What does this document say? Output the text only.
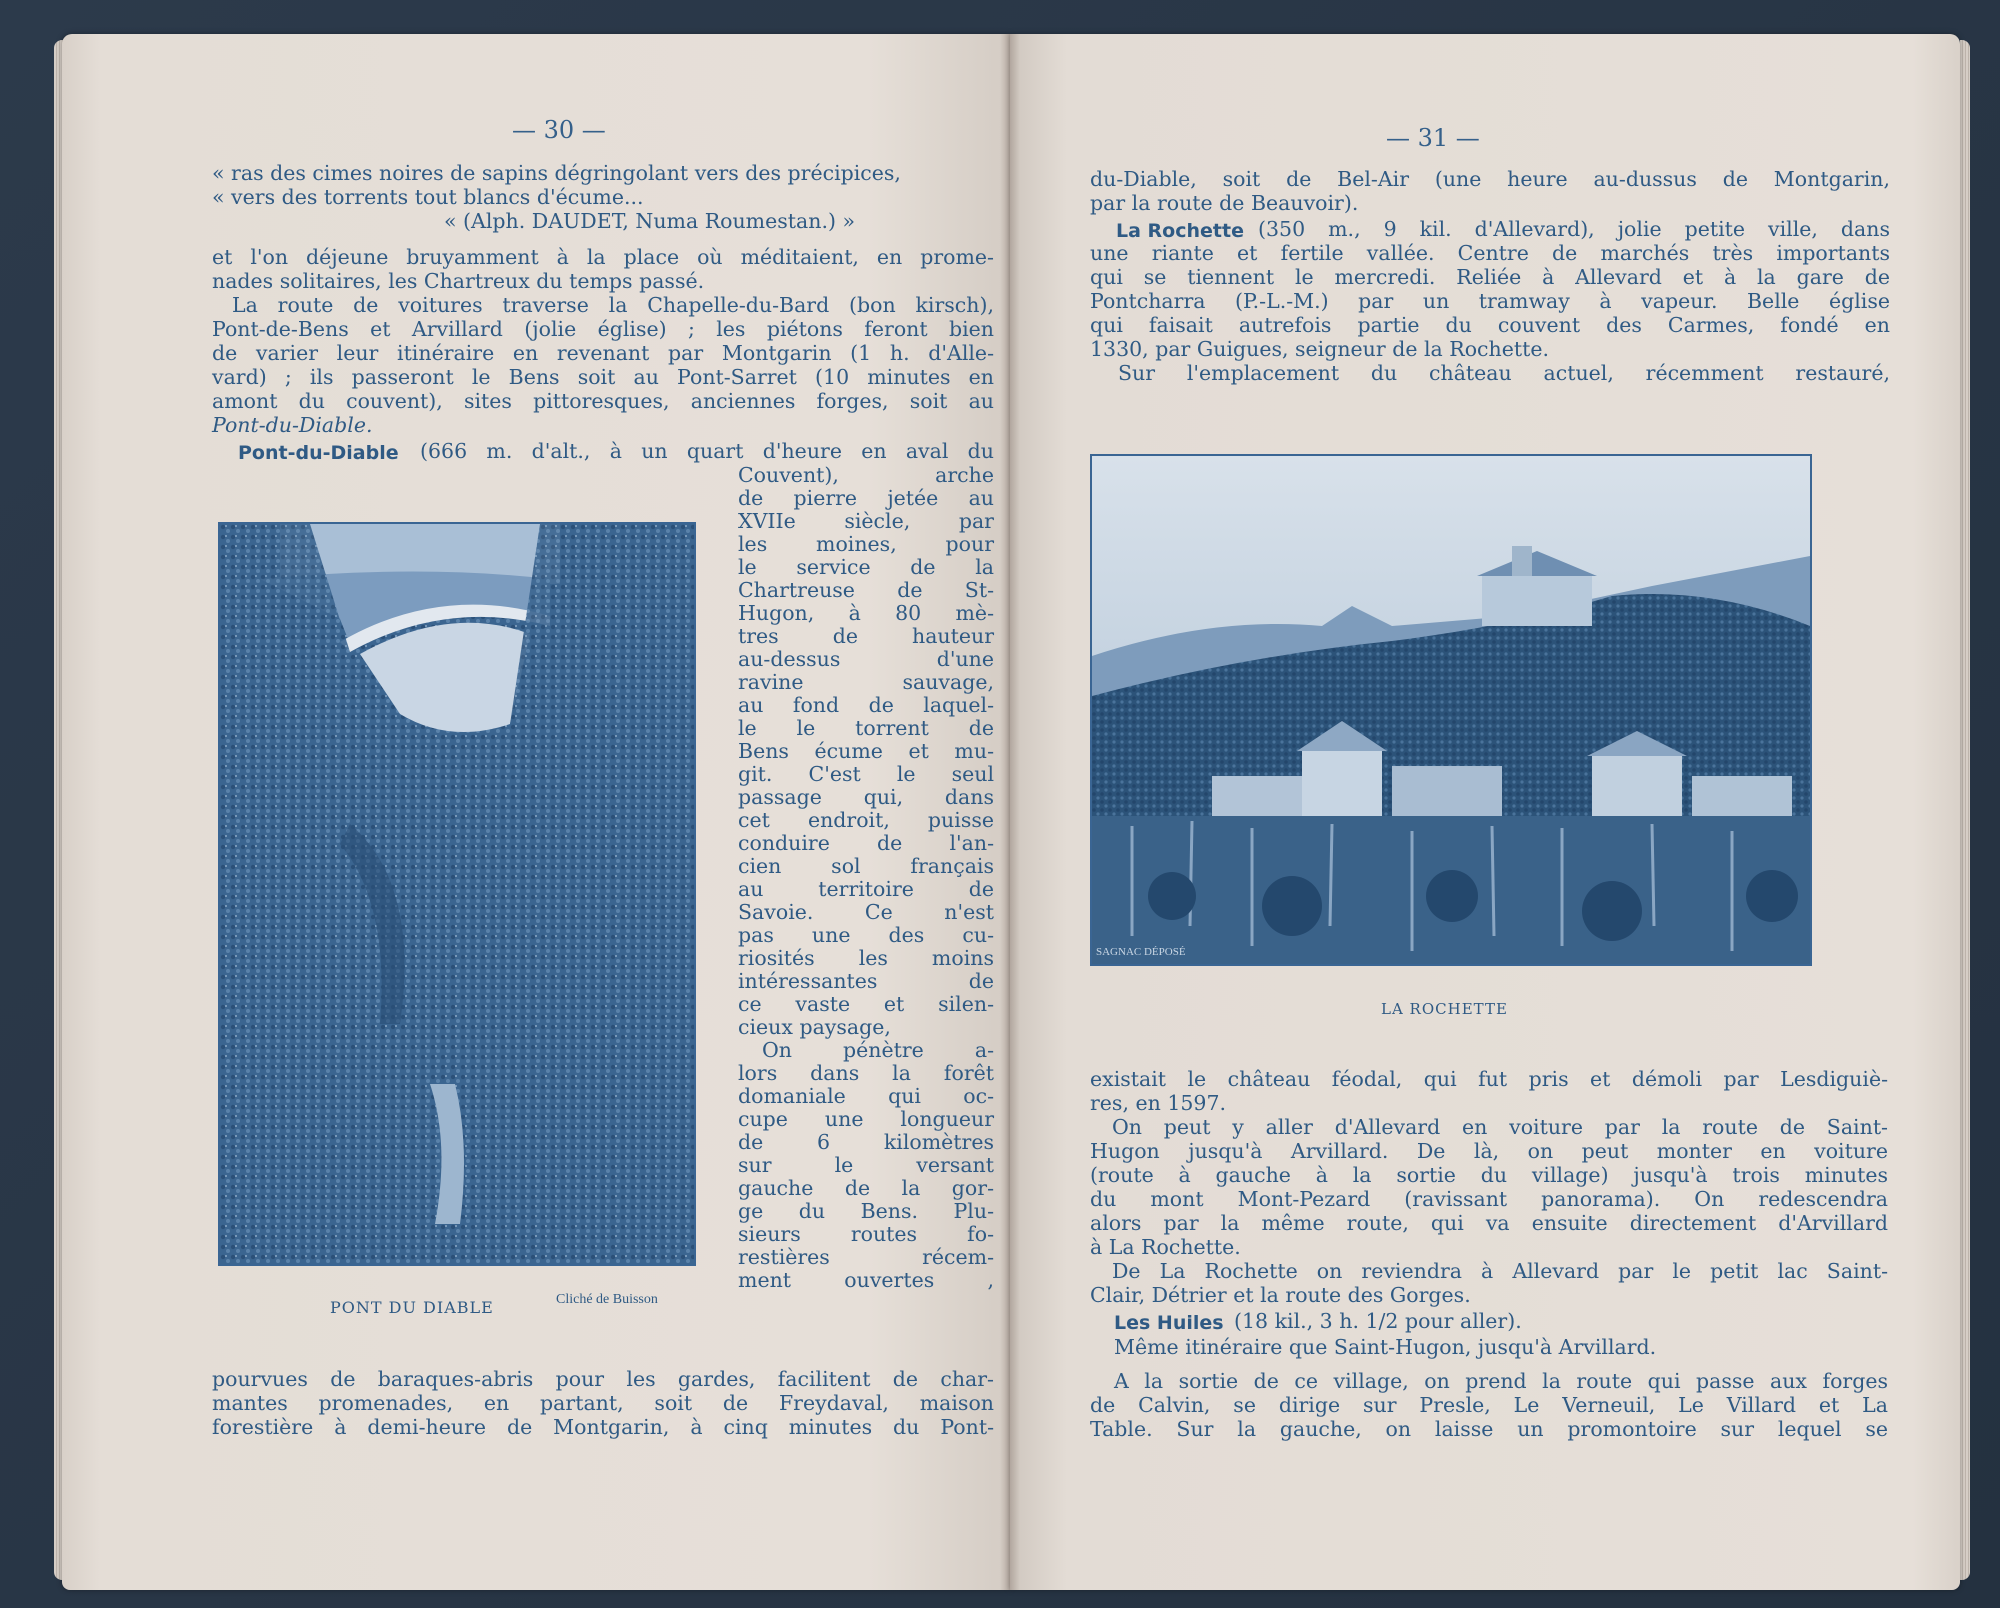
— 30 —

« ras des cimes noires de sapins dégringolant vers des précipices,

« vers des torrents tout blancs d'écume...

« (Alph. DAUDET, Numa Roumestan.) »

et l'on déjeune bruyamment à la place où méditaient, en prome-

nades solitaires, les Chartreux du temps passé.

La route de voitures traverse la Chapelle-du-Bard (bon kirsch),

Pont-de-Bens et Arvillard (jolie église) ; les piétons feront bien

de varier leur itinéraire en revenant par Montgarin (1 h. d'Alle-

vard) ; ils passeront le Bens soit au Pont-Sarret (10 minutes en

amont du couvent), sites pittoresques, anciennes forges, soit au

Pont-du-Diable.

Pont-du-Diable (666 m. d'alt., à un quart d'heure en aval du

Couvent), arche

de pierre jetée au

XVIIe siècle, par

les moines, pour

le service de la

Chartreuse de St-

Hugon, à 80 mè-

tres de hauteur

au-dessus d'une

ravine sauvage,

au fond de laquel-

le le torrent de

Bens écume et mu-

git. C'est le seul

passage qui, dans

cet endroit, puisse

conduire de l'an-

cien sol français

au territoire de

Savoie. Ce n'est

pas une des cu-

riosités les moins

intéressantes de

ce vaste et silen-

cieux paysage,

On pénètre a-

lors dans la forêt

domaniale qui oc-

cupe une longueur

de 6 kilomètres

sur le versant

gauche de la gor-

ge du Bens. Plu-

sieurs routes fo-

restières récem-

ment ouvertes ,

PONT DU DIABLE	Cliché de Buisson

pourvues de baraques-abris pour les gardes, facilitent de char-

mantes promenades, en partant, soit de Freydaval, maison

forestière à demi-heure de Montgarin, à cinq minutes du Pont-

— 31 —

du-Diable, soit de Bel-Air (une heure au-dussus de Montgarin,

par la route de Beauvoir).

La Rochette (350 m., 9 kil. d'Allevard), jolie petite ville, dans

une riante et fertile vallée. Centre de marchés très importants

qui se tiennent le mercredi. Reliée à Allevard et à la gare de

Pontcharra (P.-L.-M.) par un tramway à vapeur. Belle église

qui faisait autrefois partie du couvent des Carmes, fondé en

1330, par Guigues, seigneur de la Rochette.

Sur l'emplacement du château actuel, récemment restauré,

SAGNAC DÉPOSÉ

LA ROCHETTE

existait le château féodal, qui fut pris et démoli par Lesdiguiè-

res, en 1597.

On peut y aller d'Allevard en voiture par la route de Saint-

Hugon jusqu'à Arvillard. De là, on peut monter en voiture

(route à gauche à la sortie du village) jusqu'à trois minutes

du mont Mont-Pezard (ravissant panorama). On redescendra

alors par la même route, qui va ensuite directement d'Arvillard

à La Rochette.

De La Rochette on reviendra à Allevard par le petit lac Saint-

Clair, Détrier et la route des Gorges.

Les Huiles (18 kil., 3 h. 1/2 pour aller).

Même itinéraire que Saint-Hugon, jusqu'à Arvillard.

A la sortie de ce village, on prend la route qui passe aux forges

de Calvin, se dirige sur Presle, Le Verneuil, Le Villard et La

Table. Sur la gauche, on laisse un promontoire sur lequel se
